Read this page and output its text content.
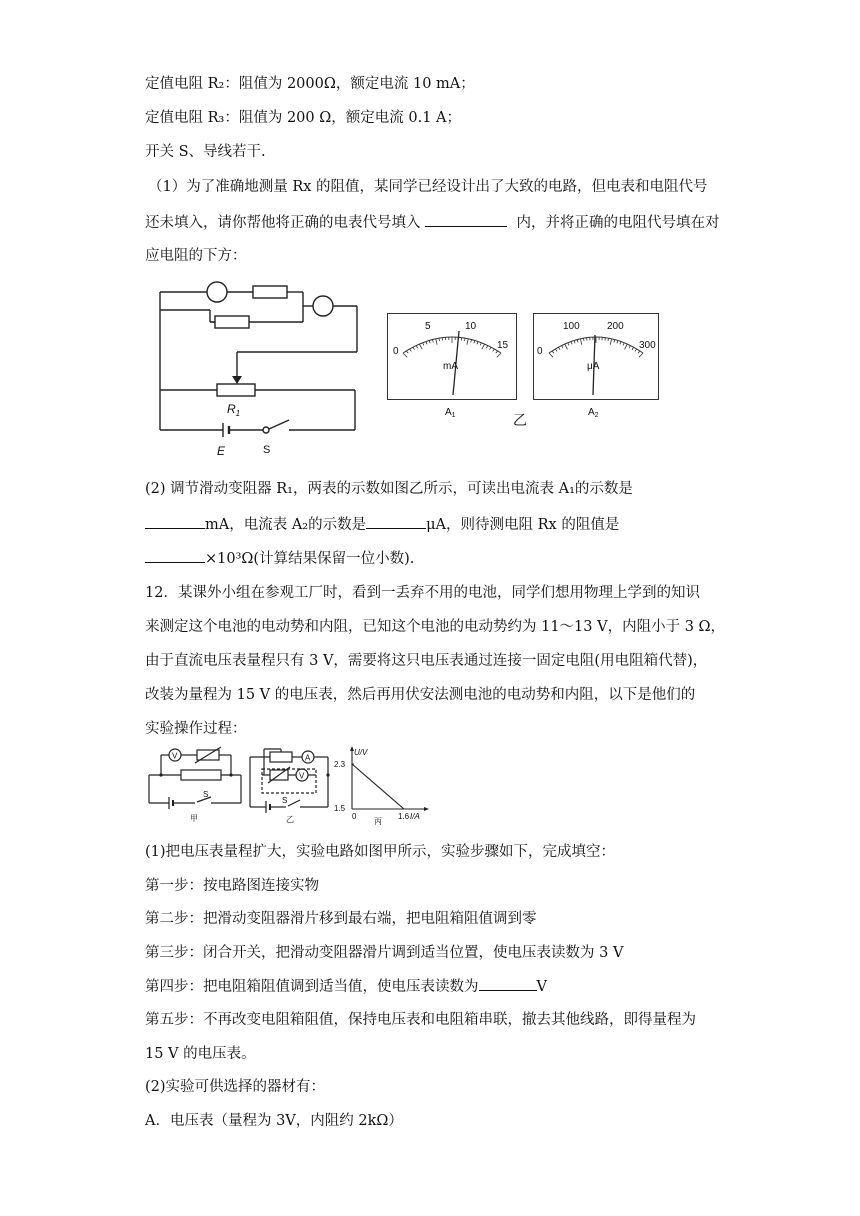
定值电阻 R₂：阻值为 2000Ω，额定电流 10 mA；
定值电阻 R₃：阻值为 200 Ω，额定电流 0.1 A；
开关 S、导线若干.
（1）为了准确地测量 Rx 的阻值，某同学已经设计出了大致的电路，但电表和电阻代号
还未填入，请你帮他将正确的电表代号填入	内，并将正确的电阻代号填在对
应电阻的下方：
$R_1$
E	S
0
5	10
15
mA
$A_1$	乙
0
100	200
300
μA
$A_2$
(2) 调节滑动变阻器 R₁，两表的示数如图乙所示，可读出电流表 A₁的示数是
mA，电流表 A₂的示数是	μA，则待测电阻 Rx 的阻值是
×10³Ω(计算结果保留一位小数).
12．某课外小组在参观工厂时，看到一丢弃不用的电池，同学们想用物理上学到的知识
来测定这个电池的电动势和内阻，已知这个电池的电动势约为 11～13 V，内阻小于 3 Ω，
由于直流电压表量程只有 3 V，需要将这只电压表通过连接一固定电阻(用电阻箱代替)，
改装为量程为 15 V 的电压表，然后再用伏安法测电池的电动势和内阻，以下是他们的
实验操作过程：
V
S
甲
A
V
S
乙
U/V
I/A
2.3
1.5
0	1.6
丙
(1)把电压表量程扩大，实验电路如图甲所示，实验步骤如下，完成填空：
第一步：按电路图连接实物
第二步：把滑动变阻器滑片移到最右端，把电阻箱阻值调到零
第三步：闭合开关，把滑动变阻器滑片调到适当位置，使电压表读数为 3 V
第四步：把电阻箱阻值调到适当值，使电压表读数为	V
第五步：不再改变电阻箱阻值，保持电压表和电阻箱串联，撤去其他线路，即得量程为
15 V 的电压表。
(2)实验可供选择的器材有：
A．电压表（量程为 3V，内阻约 2kΩ）
